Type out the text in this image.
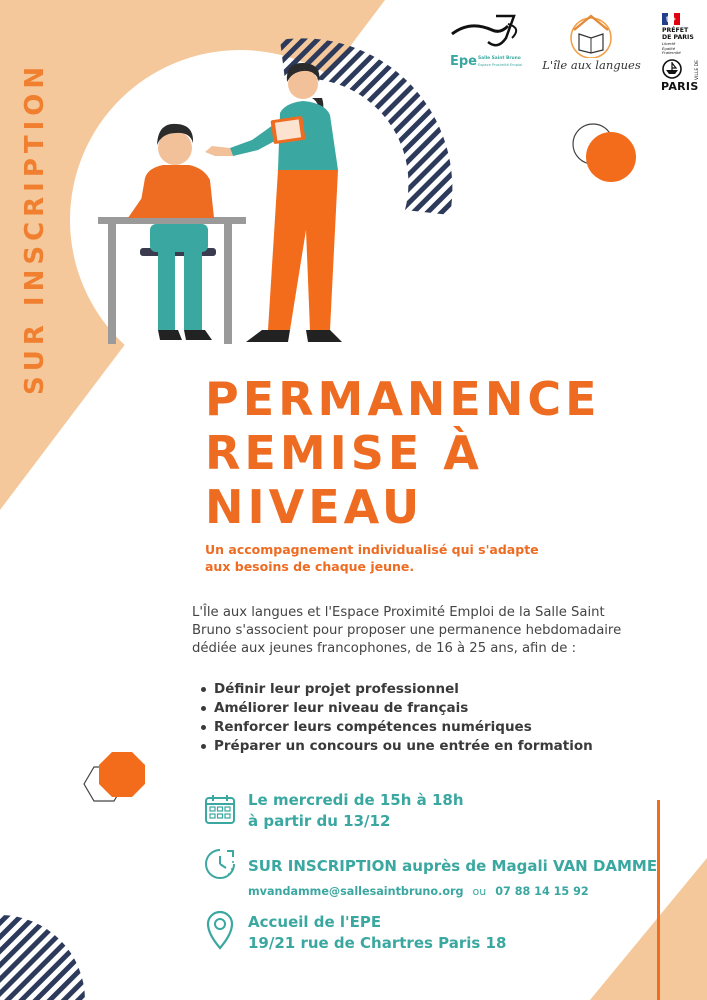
SUR INSCRIPTION
Epe Salle Saint Bruno
Espace Proximité Emploi	L'île aux langues
PRÉFET
DE PARIS
Liberté
Égalité
Fraternité
VILLE DE
PARIS
PERMANENCE
REMISE À
NIVEAU
Un accompagnement individualisé qui s'adapte aux besoins de chaque jeune.
L'Île aux langues et l'Espace Proximité Emploi de la Salle Saint Bruno s'associent pour proposer une permanence hebdomadaire dédiée aux jeunes francophones, de 16 à 25 ans, afin de :
Définir leur projet professionnel
Améliorer leur niveau de français
Renforcer leurs compétences numériques
Préparer un concours ou une entrée en formation
Le mercredi de 15h à 18h
à partir du 13/12
SUR INSCRIPTION auprès de Magali VAN DAMME
mvandamme@sallesaintbruno.org ou 07 88 14 15 92
Accueil de l'EPE
19/21 rue de Chartres Paris 18
